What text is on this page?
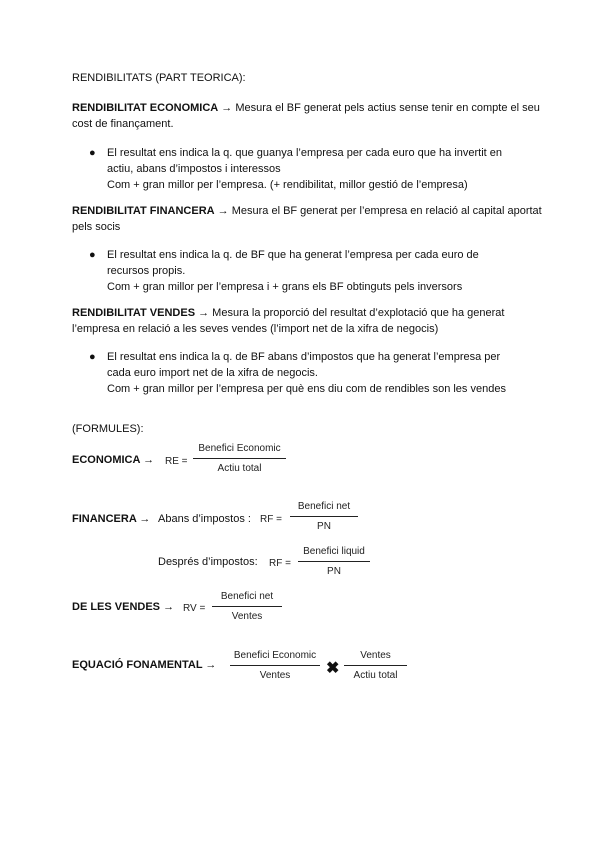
RENDIBILITATS (PART TEORICA):

RENDIBILITAT ECONOMICA → Mesura el BF generat pels actius sense tenir en compte el seu cost de finançament.

● El resultat ens indica la q. que guanya l’empresa per cada euro que ha invertit en actiu, abans d’impostos i interessos
Com + gran millor per l’empresa. (+ rendibilitat, millor gestió de l’empresa)

RENDIBILITAT FINANCERA → Mesura el BF generat per l’empresa en relació al capital aportat pels socis

● El resultat ens indica la q. de BF que ha generat l’empresa per cada euro de recursos propis.
Com + gran millor per l’empresa i + grans els BF obtinguts pels inversors

RENDIBILITAT VENDES → Mesura la proporció del resultat d’explotació que ha generat l’empresa en relació a les seves vendes (l’import net de la xifra de negocis)

● El resultat ens indica la q. de BF abans d’impostos que ha generat l’empresa per cada euro import net de la xifra de negocis.
Com + gran millor per l’empresa per què ens diu com de rendibles son les vendes
(FORMULES):
ECONOMICA → RE =
Benefici Economic
Actiu total
FINANCERA → Abans d’impostos : RF =
Benefici net
PN
Després d’impostos: RF =
Benefici liquid
PN
DE LES VENDES → RV =
Benefici net
Ventes
EQUACIÓ FONAMENTAL →
Benefici Economic
Ventes	✖
Ventes
Actiu total
